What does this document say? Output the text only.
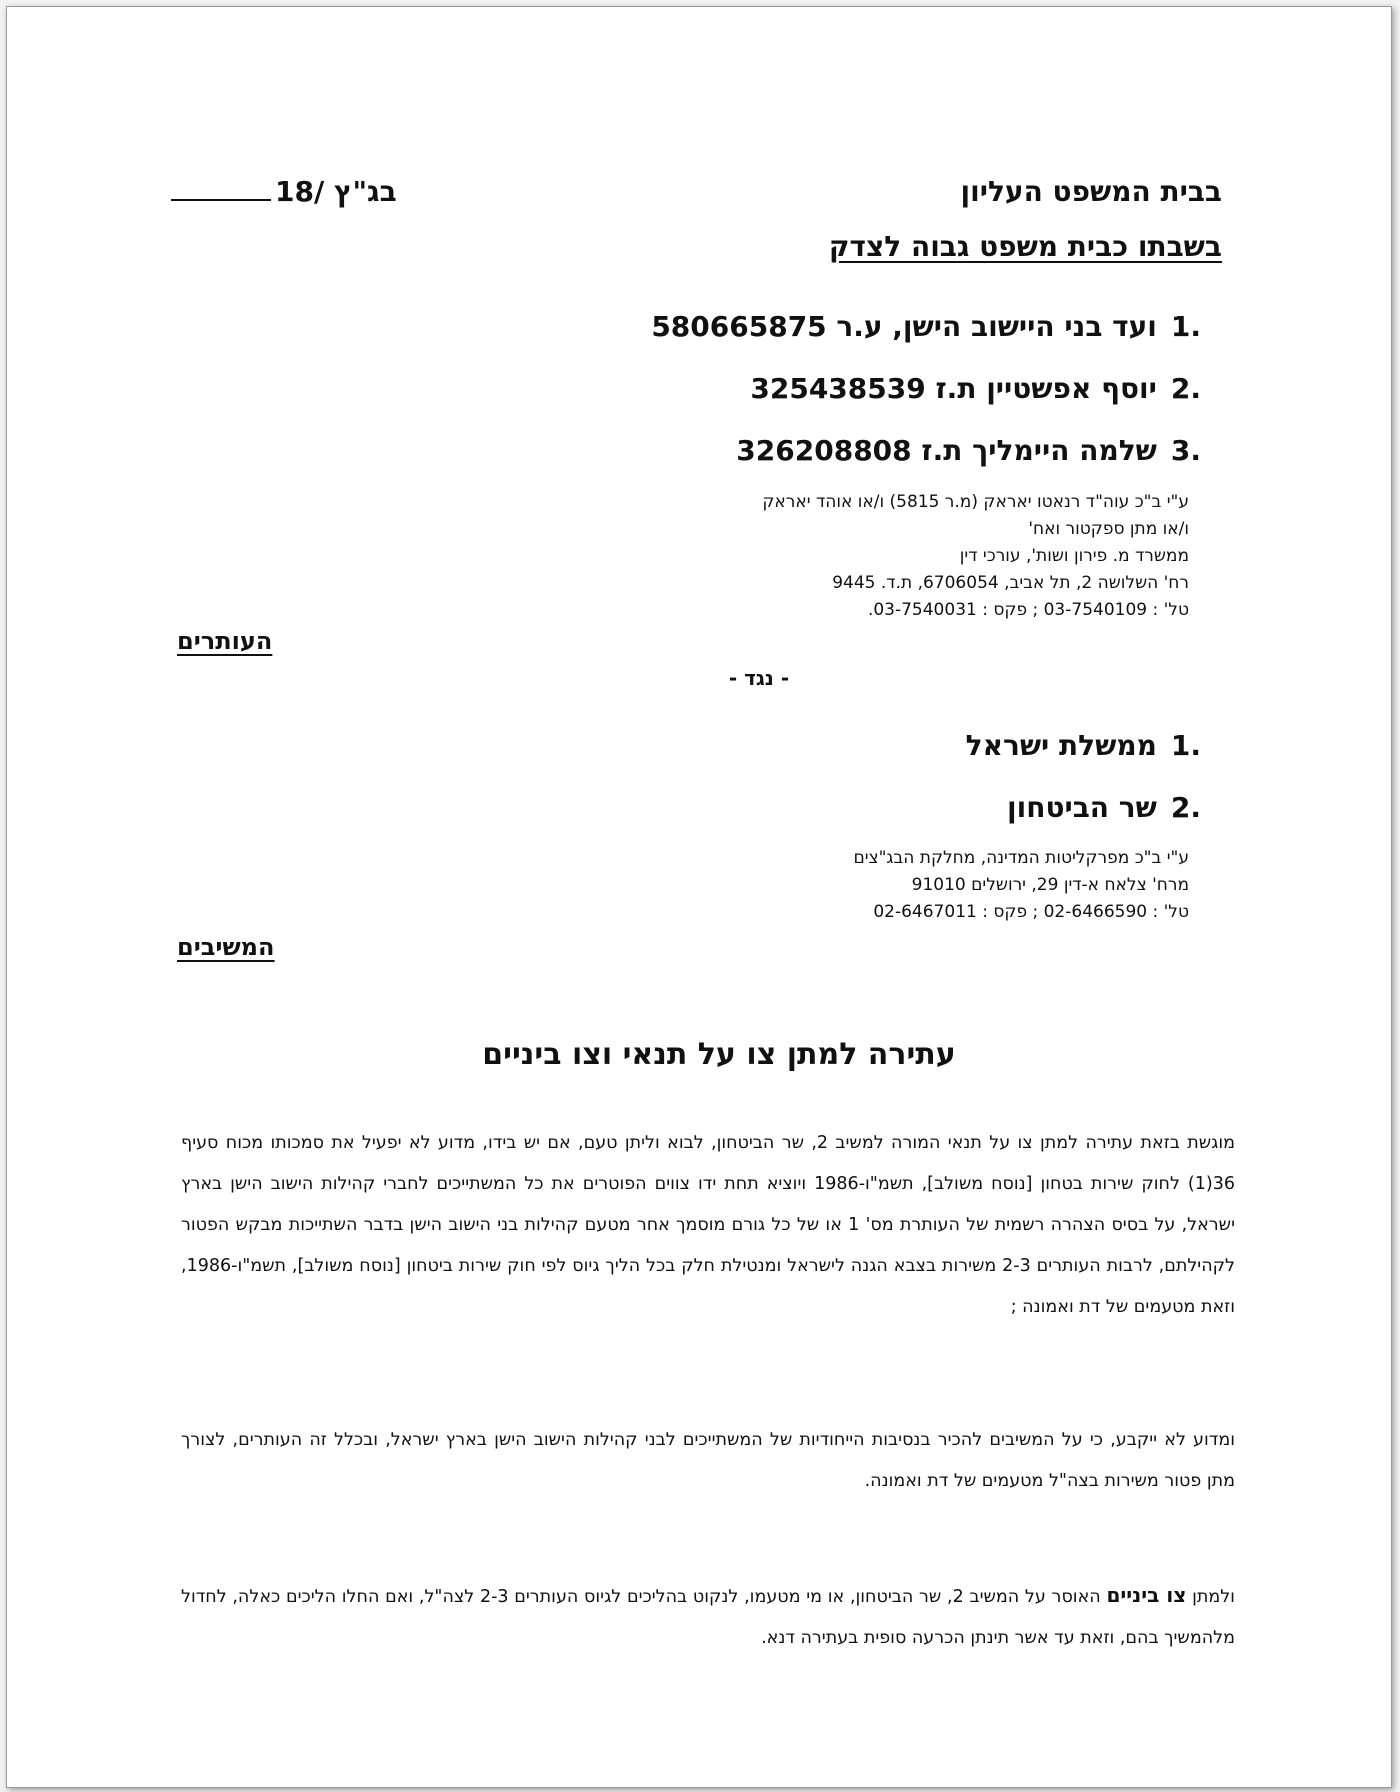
בבית המשפט העליון
בשבתו כבית משפט גבוה לצדק
בג"ץ /18
.1ועד בני היישוב הישן, ע.ר 580665875
.2יוסף אפשטיין ת.ז 325438539
.3שלמה היימליך ת.ז 326208808
ע"י ב"כ עוה"ד רנאטו יאראק (מ.ר 5815) ו/או אוהד יאראק
ו/או מתן ספקטור ואח'
ממשרד מ. פירון ושות', עורכי דין
רח' השלושה 2, תל אביב, 6706054, ת.ד. 9445
טל' : 03-7540109 ; פקס : 03-7540031.
העותרים
- נגד -
.1ממשלת ישראל
.2שר הביטחון
ע"י ב"כ מפרקליטות המדינה, מחלקת הבג"צים
מרח' צלאח א-דין 29, ירושלים 91010
טל' : 02-6466590 ; פקס : 02-6467011
המשיבים
עתירה למתן צו על תנאי וצו ביניים
מוגשת בזאת עתירה למתן צו על תנאי המורה למשיב 2, שר הביטחון, לבוא וליתן טעם, אם יש בידו, מדוע לא יפעיל את סמכותו מכוח סעיף 36(1) לחוק שירות בטחון [נוסח משולב], תשמ"ו-1986 ויוציא תחת ידו צווים הפוטרים את כל המשתייכים לחברי קהילות הישוב הישן בארץ ישראל, על בסיס הצהרה רשמית של העותרת מס' 1 או של כל גורם מוסמך אחר מטעם קהילות בני הישוב הישן בדבר השתייכות מבקש הפטור לקהילתם, לרבות העותרים 2-3 משירות בצבא הגנה לישראל ומנטילת חלק בכל הליך גיוס לפי חוק שירות ביטחון [נוסח משולב], תשמ"ו-1986, וזאת מטעמים של דת ואמונה ;
ומדוע לא ייקבע, כי על המשיבים להכיר בנסיבות הייחודיות של המשתייכים לבני קהילות הישוב הישן בארץ ישראל, ובכלל זה העותרים, לצורך מתן פטור משירות בצה"ל מטעמים של דת ואמונה.
ולמתן צו ביניים האוסר על המשיב 2, שר הביטחון, או מי מטעמו, לנקוט בהליכים לגיוס העותרים 2-3 לצה"ל, ואם החלו הליכים כאלה, לחדול מלהמשיך בהם, וזאת עד אשר תינתן הכרעה סופית בעתירה דנא.
